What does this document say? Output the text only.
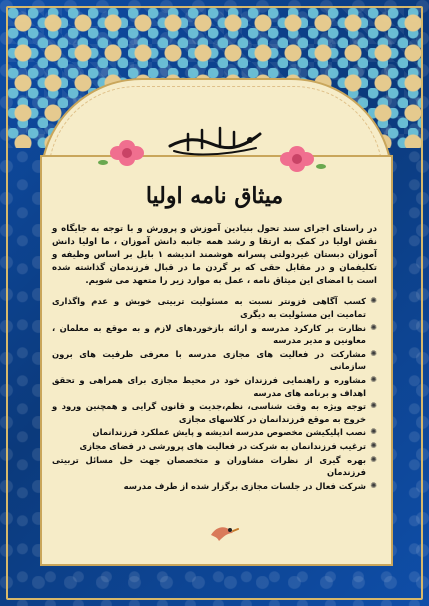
میثاق نامه اولیا

در راستای اجرای سند تحول بنیادین آموزش و پرورش و با توجه به جایگاه و نقش اولیا در کمک به ارتقا و رشد همه جانبه دانش آموزان ، ما اولیا دانش آموزان دبستان غیردولتی پسرانه هوشمند اندیشه ۱ بابل بر اساس وظیفه و تکلیفمان و در مقابل حقی که بر گردن ما در قبال فرزندمان گذاشته شده است با امضای این میثاق نامه ، عمل به موارد زیر را متعهد می شویم.

✺ کسب آگاهی فزونتر نسبت به مسئولیت تربیتی خویش و عدم واگذاری تمامیت این مسئولیت به دیگری
✺ نظارت بر کارکرد مدرسه و ارائه بازخوردهای لازم و به موقع به معلمان ، معاونین و مدیر مدرسه
✺ مشارکت در فعالیت های مجازی مدرسه با معرفی ظرفیت های برون سازمانی
✺ مشاوره و راهنمایی فرزندان خود در محیط مجازی برای همراهی و تحقق اهداف و برنامه های مدرسه
✺ توجه ویژه به وقت شناسی، نظم،جدیت و قانون گرایی و همچنین ورود و خروج به موقع فرزندانمان در کلاسهای مجازی
✺ نصب اپلیکیشن مخصوص مدرسه اندیشه و پایش عملکرد فرزندانمان
✺ ترغیب فرزندانمان به شرکت در فعالیت های پرورشی در فضای مجازی
✺ بهره گیری از نظرات مشاوران و متخصصان جهت حل مسائل تربیتی فرزندمان
✺ شرکت فعال در جلسات مجازی برگزار شده از طرف مدرسه
